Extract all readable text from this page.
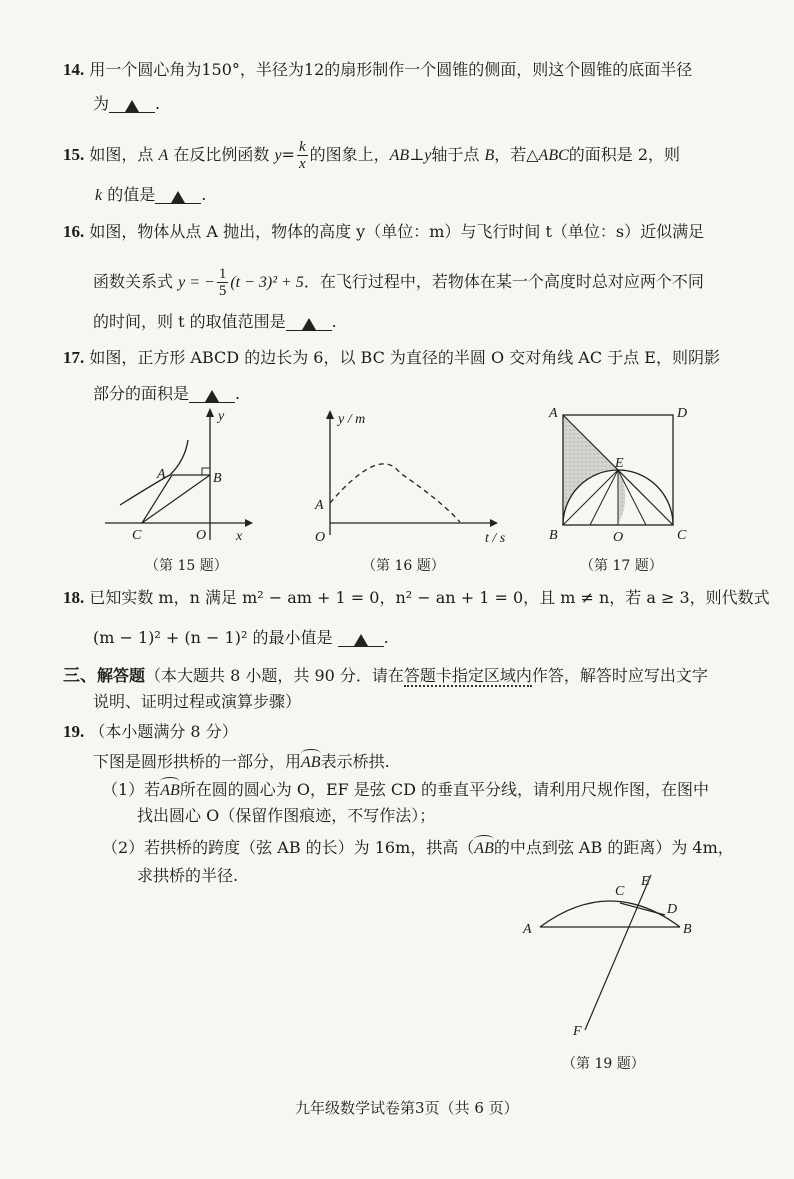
14. 用一个圆心角为150°，半径为12的扇形制作一个圆锥的侧面，则这个圆锥的底面半径
为	.
15. 如图，点 A 在反比例函数 $y= \frac{k}{x}$ 的图象上，AB⊥y轴于点 B，若△ABC的面积是 2，则
k 的值是	.
16. 如图，物体从点 A 抛出，物体的高度 y（单位：m）与飞行时间 t（单位：s）近似满足
函数关系式 y = − $\frac{1}{5} (t - 3)^2 + 5$．在飞行过程中，若物体在某一个高度时总对应两个不同
的时间，则 t 的取值范围是	.
17. 如图，正方形 ABCD 的边长为 6，以 BC 为直径的半圆 O 交对角线 AC 于点 E，则阴影
部分的面积是	.
y
x
A	B
C	O
（第 15 题）
y / m
t / s
A
O
（第 16 题）
A	D
E
B	C
O
（第 17 题）
18. 已知实数 m，n 满足 m² − am + 1 = 0，n² − an + 1 = 0，且 m ≠ n，若 a ≥ 3，则代数式
(m − 1)² + (n − 1)² 的最小值是	.
三、解答题（本大题共 8 小题，共 90 分．请在答题卡指定区域内作答，解答时应写出文字
说明、证明过程或演算步骤）
19. （本小题满分 8 分）
下图是圆形拱桥的一部分，用AB表示桥拱.
（1）若AB所在圆的圆心为 O，EF 是弦 CD 的垂直平分线，请利用尺规作图，在图中
找出圆心 O（保留作图痕迹，不写作法）；
（2）若拱桥的跨度（弦 AB 的长）为 16m，拱高（AB的中点到弦 AB 的距离）为 4m，
求拱桥的半径.
A	B
C
D
E
F
（第 19 题）
九年级数学试卷第3页（共 6 页）
